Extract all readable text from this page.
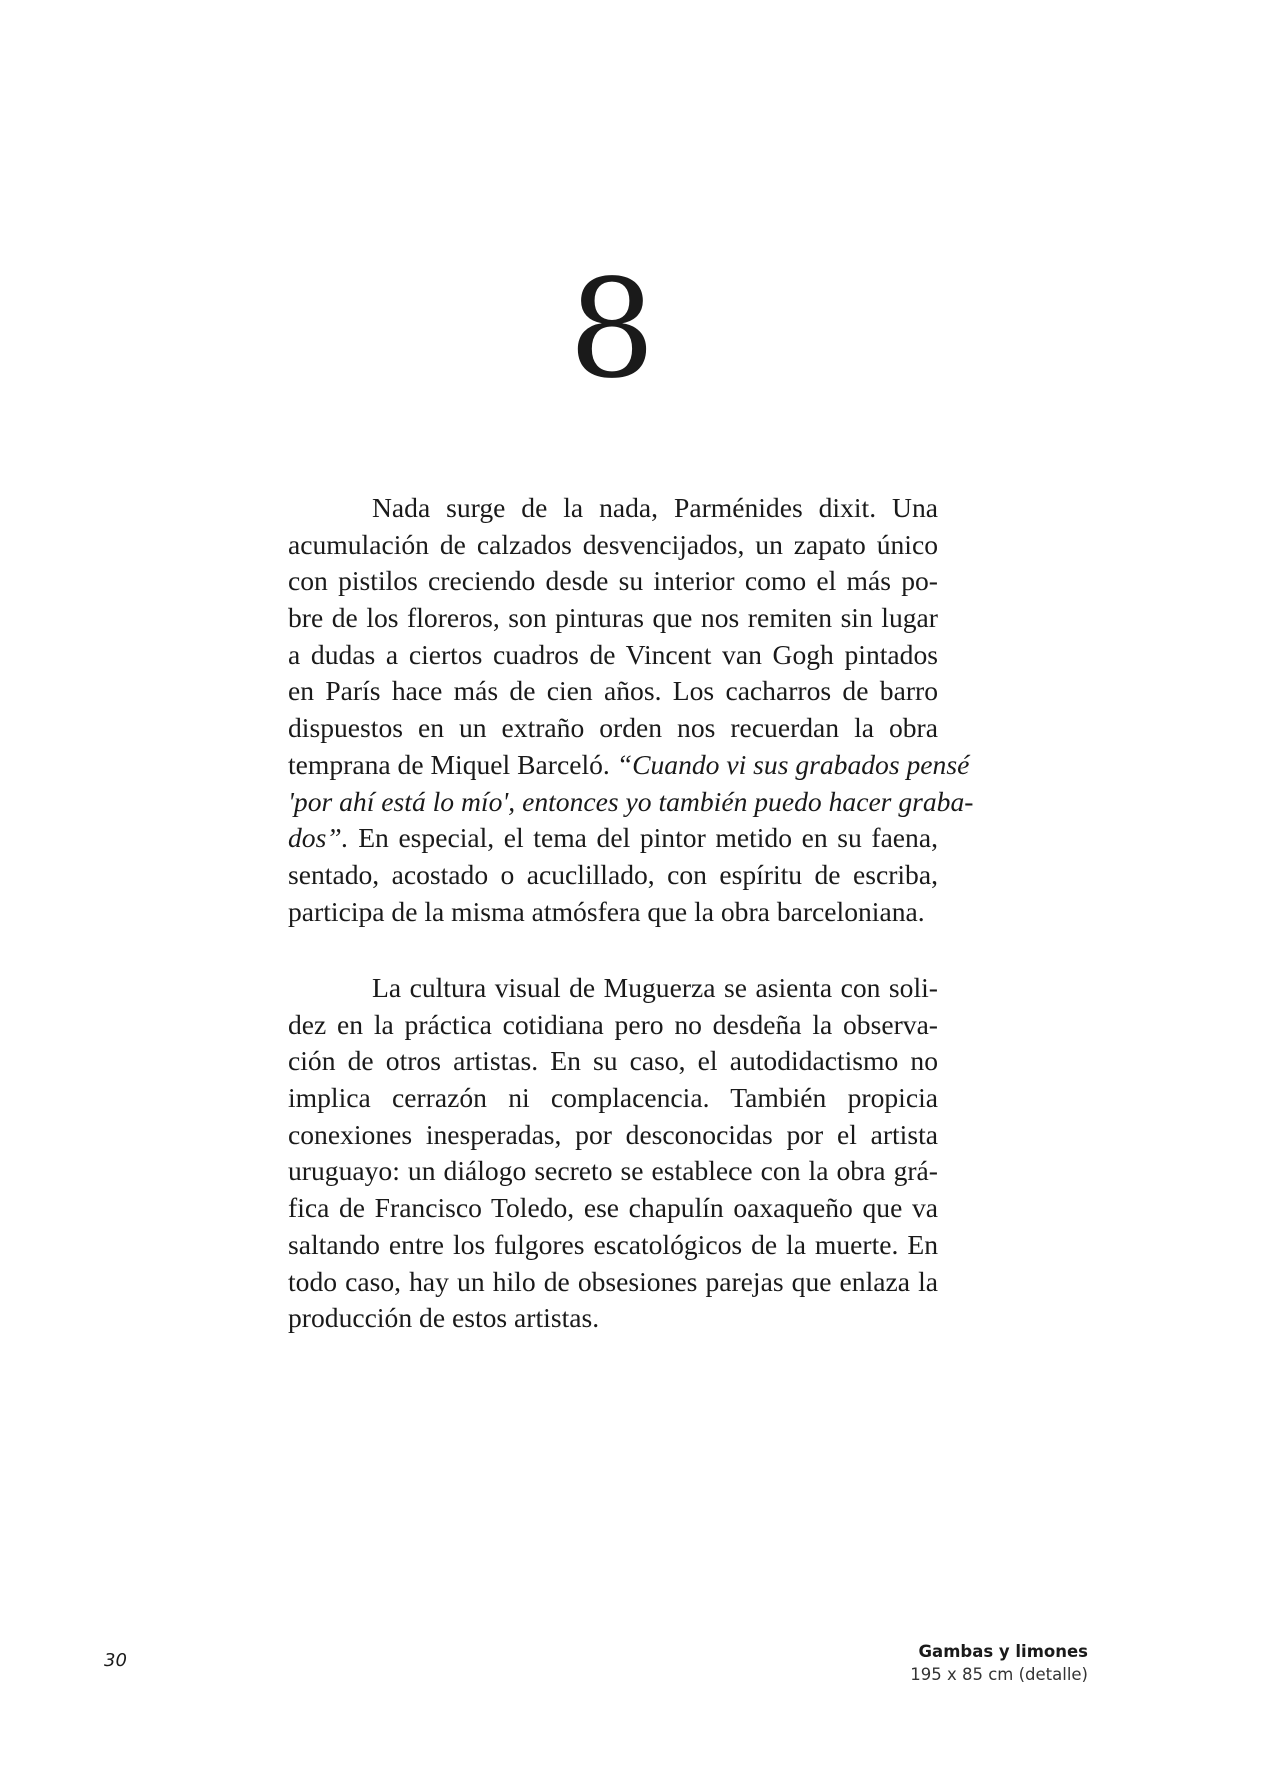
8
Nada surge de la nada, Parménides dixit. Una
acumulación de calzados desvencijados, un zapato único
con pistilos creciendo desde su interior como el más po-
bre de los floreros, son pinturas que nos remiten sin lugar
a dudas a ciertos cuadros de Vincent van Gogh pintados
en París hace más de cien años. Los cacharros de barro
dispuestos en un extraño orden nos recuerdan la obra
temprana de Miquel Barceló. “Cuando vi sus grabados pensé
'por ahí está lo mío', entonces yo también puedo hacer graba-
dos”. En especial, el tema del pintor metido en su faena,
sentado, acostado o acuclillado, con espíritu de escriba,
participa de la misma atmósfera que la obra barceloniana.
La cultura visual de Muguerza se asienta con soli-
dez en la práctica cotidiana pero no desdeña la observa-
ción de otros artistas. En su caso, el autodidactismo no
implica cerrazón ni complacencia. También propicia
conexiones inesperadas, por desconocidas por el artista
uruguayo: un diálogo secreto se establece con la obra grá-
fica de Francisco Toledo, ese chapulín oaxaqueño que va
saltando entre los fulgores escatológicos de la muerte. En
todo caso, hay un hilo de obsesiones parejas que enlaza la
producción de estos artistas.
Gambas y limones
195 x 85 cm (detalle)
30
